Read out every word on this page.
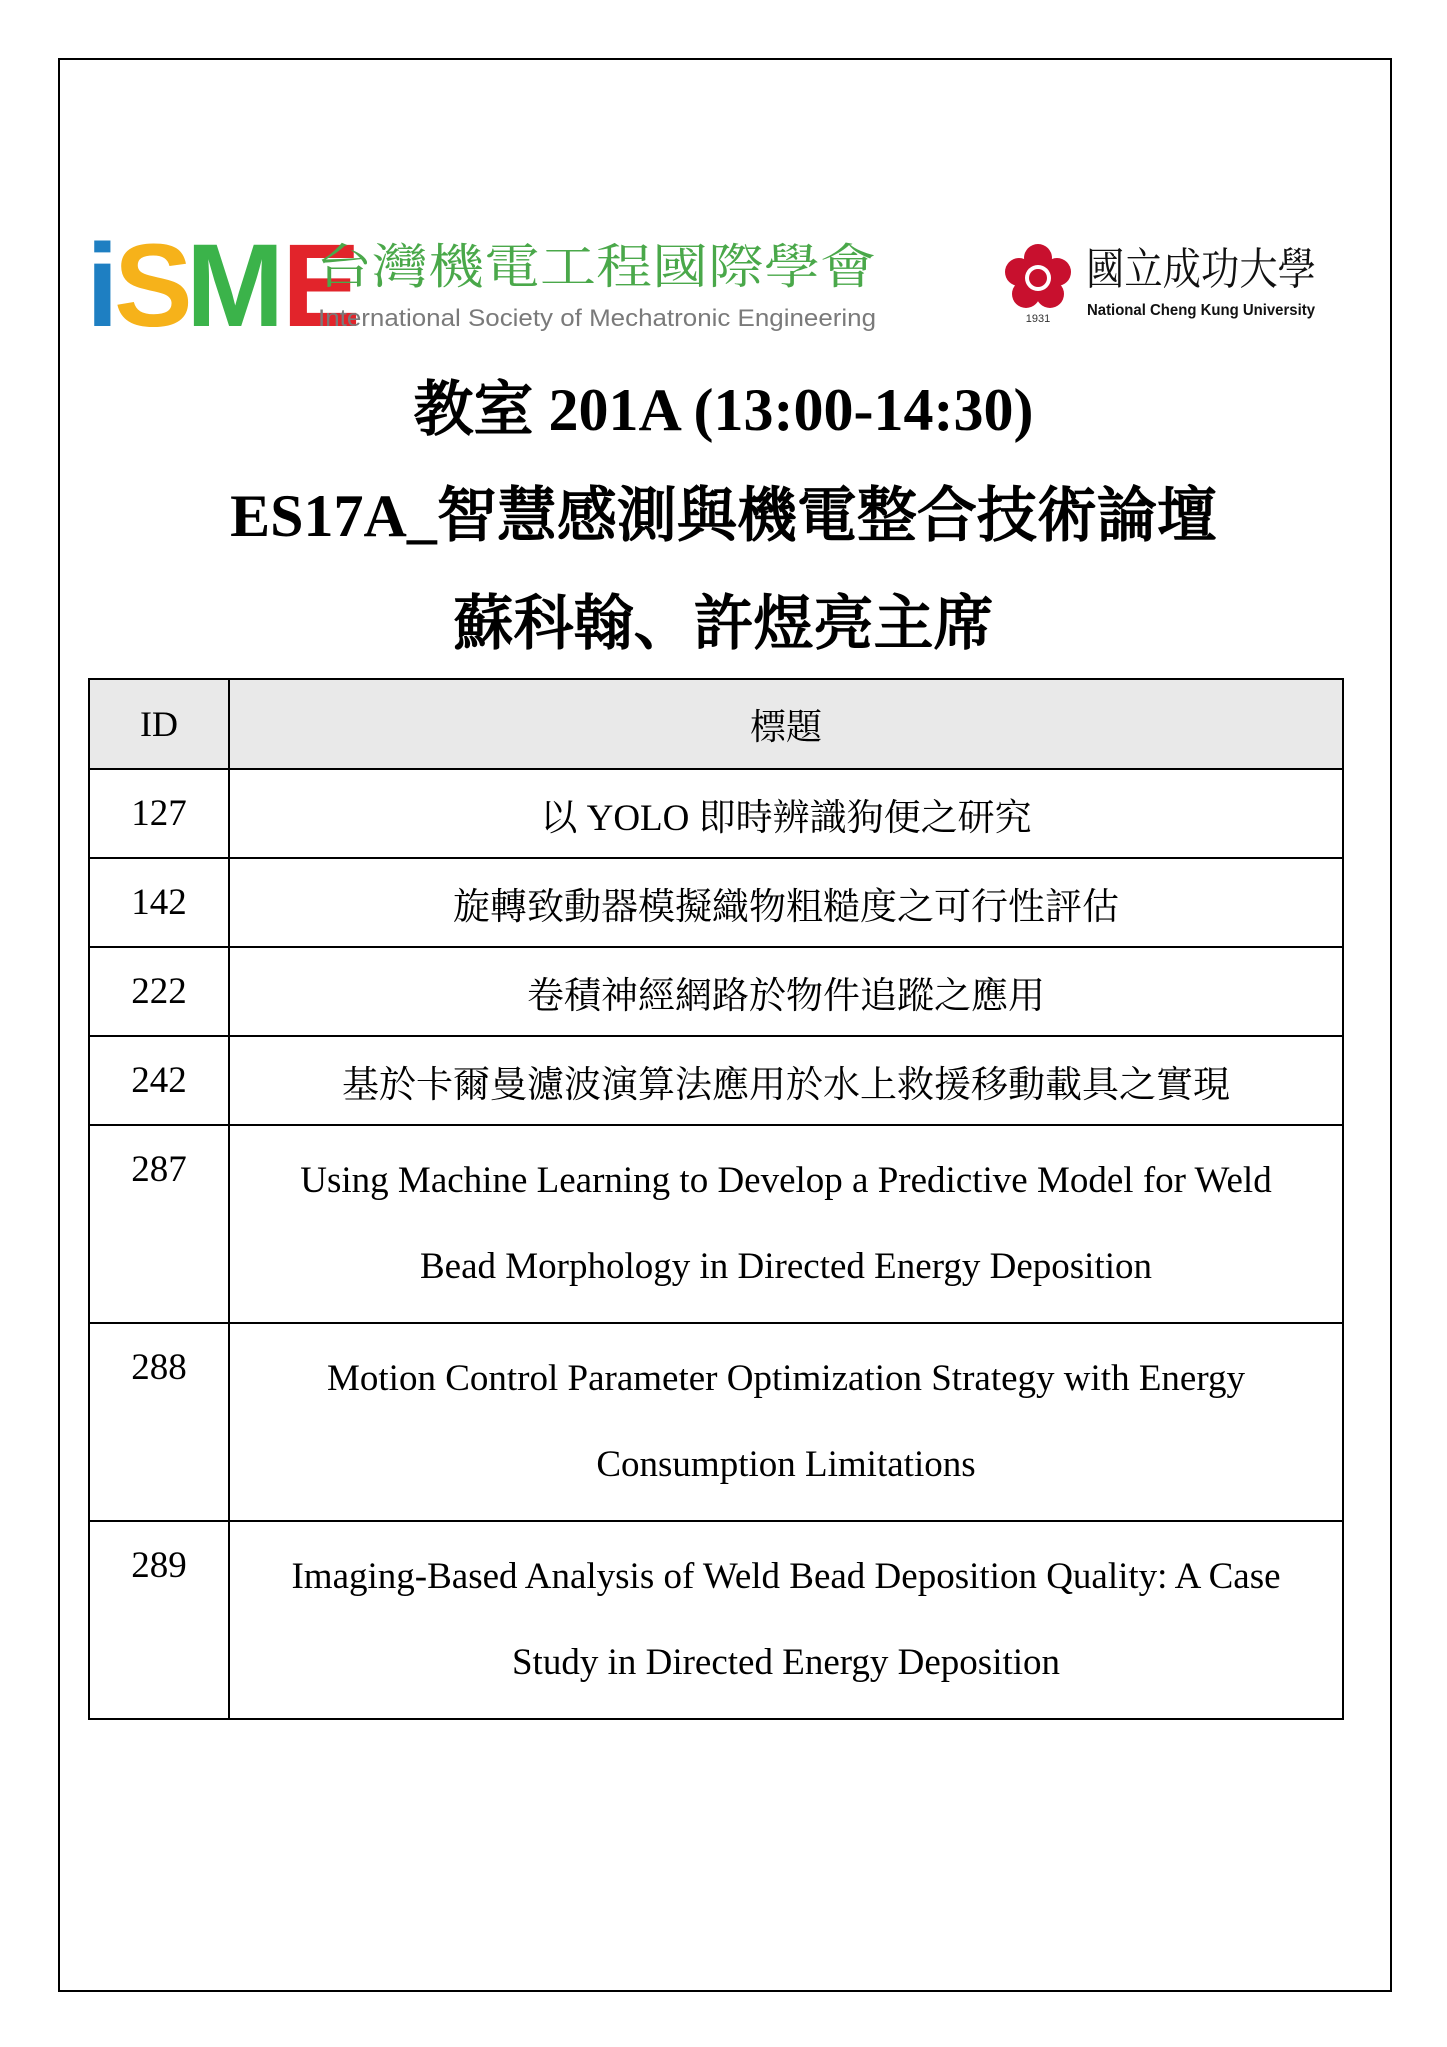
i
S
M
E
台灣機電工程國際學會
International Society of Mechatronic Engineering	1931
國立成功大學
National Cheng Kung University
教室 201A (13:00-14:30)
ES17A_智慧感測與機電整合技術論壇
蘇科翰、許煜亮主席
ID	標題
127	以 YOLO 即時辨識狗便之研究
142	旋轉致動器模擬織物粗糙度之可行性評估
222	卷積神經網路於物件追蹤之應用
242	基於卡爾曼濾波演算法應用於水上救援移動載具之實現
287	Using Machine Learning to Develop a Predictive Model for Weld
Bead Morphology in Directed Energy Deposition

288	Motion Control Parameter Optimization Strategy with Energy
Consumption Limitations

289	Imaging-Based Analysis of Weld Bead Deposition Quality: A Case
Study in Directed Energy Deposition
